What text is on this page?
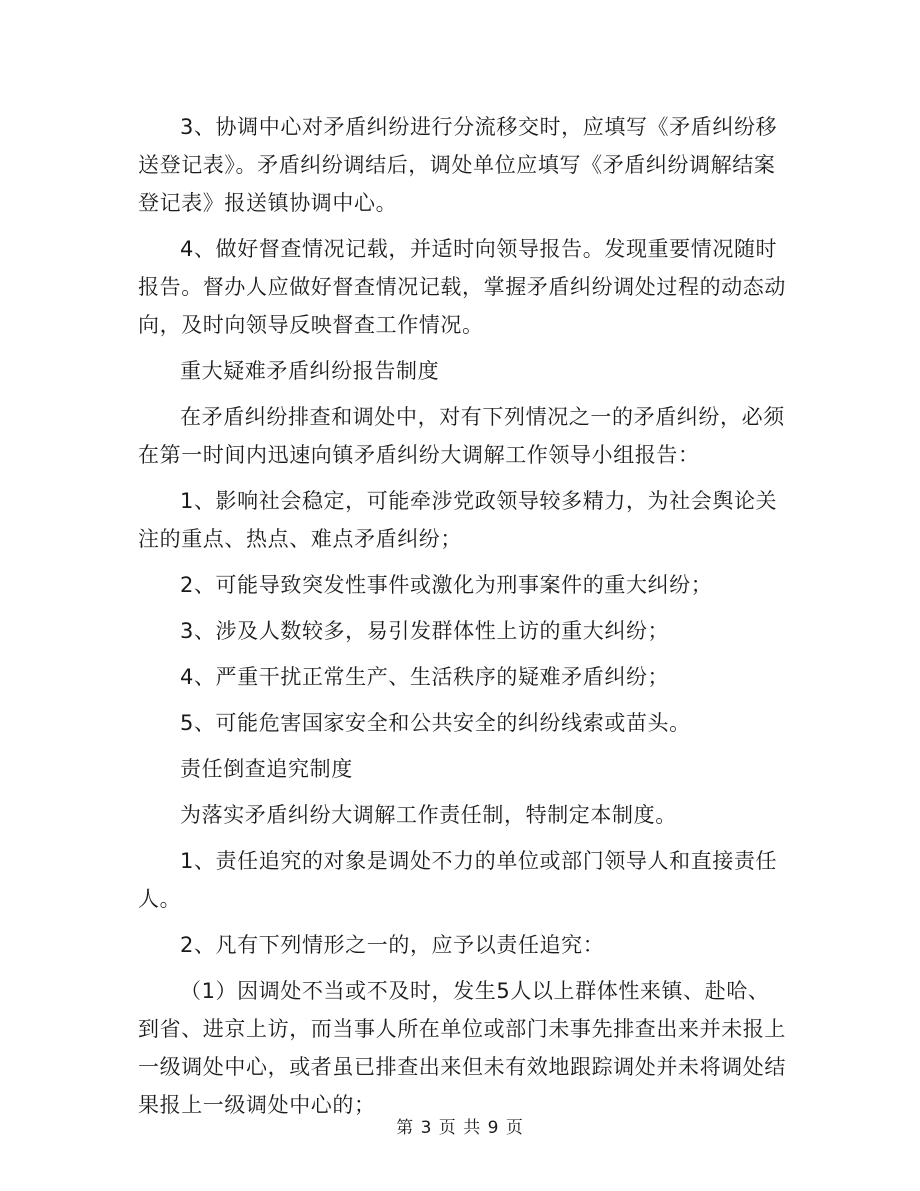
3、协调中心对矛盾纠纷进行分流移交时，应填写《矛盾纠纷移送登记表》。矛盾纠纷调结后，调处单位应填写《矛盾纠纷调解结案登记表》报送镇协调中心。

4、做好督查情况记载，并适时向领导报告。发现重要情况随时报告。督办人应做好督查情况记载，掌握矛盾纠纷调处过程的动态动向，及时向领导反映督查工作情况。

重大疑难矛盾纠纷报告制度

在矛盾纠纷排查和调处中，对有下列情况之一的矛盾纠纷，必须在第一时间内迅速向镇矛盾纠纷大调解工作领导小组报告：

1、影响社会稳定，可能牵涉党政领导较多精力，为社会舆论关注的重点、热点、难点矛盾纠纷；

2、可能导致突发性事件或激化为刑事案件的重大纠纷；

3、涉及人数较多，易引发群体性上访的重大纠纷；

4、严重干扰正常生产、生活秩序的疑难矛盾纠纷；

5、可能危害国家安全和公共安全的纠纷线索或苗头。

责任倒查追究制度

为落实矛盾纠纷大调解工作责任制，特制定本制度。

1、责任追究的对象是调处不力的单位或部门领导人和直接责任人。

2、凡有下列情形之一的，应予以责任追究：

（1）因调处不当或不及时，发生5人以上群体性来镇、赴哈、到省、进京上访，而当事人所在单位或部门未事先排查出来并未报上一级调处中心，或者虽已排查出来但未有效地跟踪调处并未将调处结果报上一级调处中心的；

第 3 页 共 9 页
